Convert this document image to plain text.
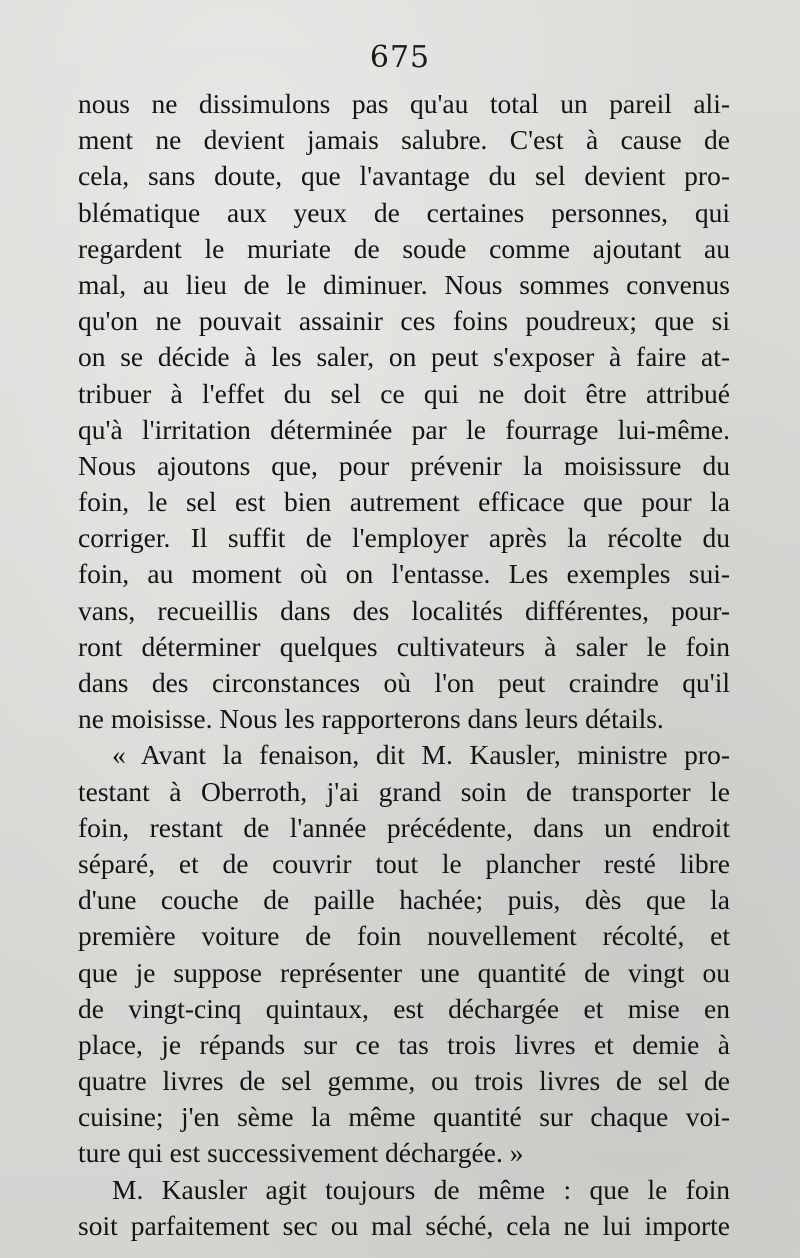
675
nous ne dissimulons pas qu'au total un pareil ali-
ment ne devient jamais salubre. C'est à cause de
cela, sans doute, que l'avantage du sel devient pro-
blématique aux yeux de certaines personnes, qui
regardent le muriate de soude comme ajoutant au
mal, au lieu de le diminuer. Nous sommes convenus
qu'on ne pouvait assainir ces foins poudreux; que si
on se décide à les saler, on peut s'exposer à faire at-
tribuer à l'effet du sel ce qui ne doit être attribué
qu'à l'irritation déterminée par le fourrage lui-même.
Nous ajoutons que, pour prévenir la moisissure du
foin, le sel est bien autrement efficace que pour la
corriger. Il suffit de l'employer après la récolte du
foin, au moment où on l'entasse. Les exemples sui-
vans, recueillis dans des localités différentes, pour-
ront déterminer quelques cultivateurs à saler le foin
dans des circonstances où l'on peut craindre qu'il
ne moisisse. Nous les rapporterons dans leurs détails.
« Avant la fenaison, dit M. Kausler, ministre pro-
testant à Oberroth, j'ai grand soin de transporter le
foin, restant de l'année précédente, dans un endroit
séparé, et de couvrir tout le plancher resté libre
d'une couche de paille hachée; puis, dès que la
première voiture de foin nouvellement récolté, et
que je suppose représenter une quantité de vingt ou
de vingt-cinq quintaux, est déchargée et mise en
place, je répands sur ce tas trois livres et demie à
quatre livres de sel gemme, ou trois livres de sel de
cuisine; j'en sème la même quantité sur chaque voi-
ture qui est successivement déchargée. »
M. Kausler agit toujours de même : que le foin
soit parfaitement sec ou mal séché, cela ne lui importe
